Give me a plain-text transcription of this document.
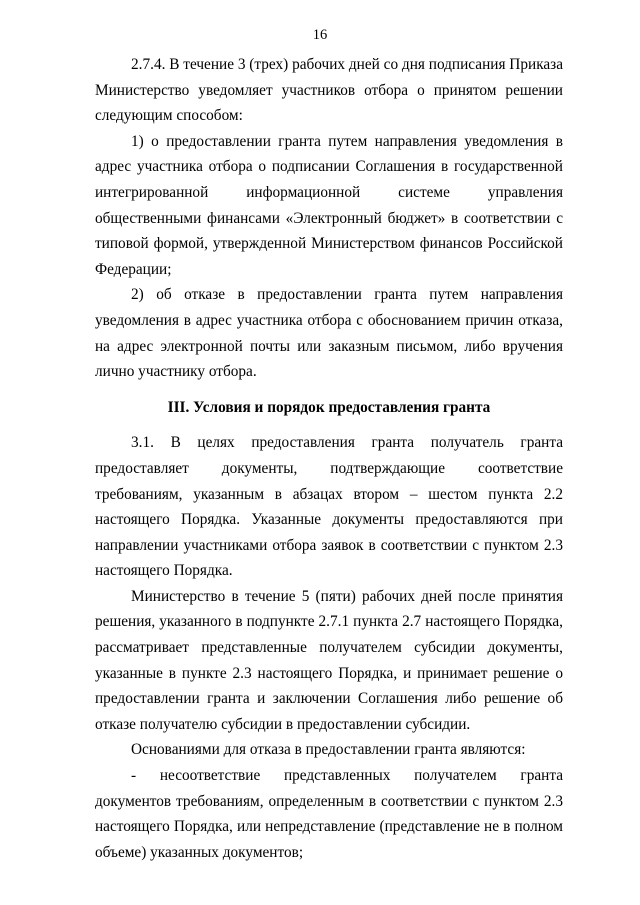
16

2.7.4. В течение 3 (трех) рабочих дней со дня подписания Приказа Министерство уведомляет участников отбора о принятом решении следующим способом:

1) о предоставлении гранта путем направления уведомления в адрес участника отбора о подписании Соглашения в государственной интегрированной информационной системе управления общественными финансами «Электронный бюджет» в соответствии с типовой формой, утвержденной Министерством финансов Российской Федерации;

2) об отказе в предоставлении гранта путем направления уведомления в адрес участника отбора с обоснованием причин отказа, на адрес электронной почты или заказным письмом, либо вручения лично участнику отбора.

III. Условия и порядок предоставления гранта

3.1. В целях предоставления гранта получатель гранта предоставляет документы, подтверждающие соответствие требованиям, указанным в абзацах втором – шестом пункта 2.2 настоящего Порядка. Указанные документы предоставляются при направлении участниками отбора заявок в соответствии с пунктом 2.3 настоящего Порядка.

Министерство в течение 5 (пяти) рабочих дней после принятия решения, указанного в подпункте 2.7.1 пункта 2.7 настоящего Порядка, рассматривает представленные получателем субсидии документы, указанные в пункте 2.3 настоящего Порядка, и принимает решение о предоставлении гранта и заключении Соглашения либо решение об отказе получателю субсидии в предоставлении субсидии.

Основаниями для отказа в предоставлении гранта являются:

- несоответствие представленных получателем гранта документов требованиям, определенным в соответствии с пунктом 2.3 настоящего Порядка, или непредставление (представление не в полном объеме) указанных документов;
